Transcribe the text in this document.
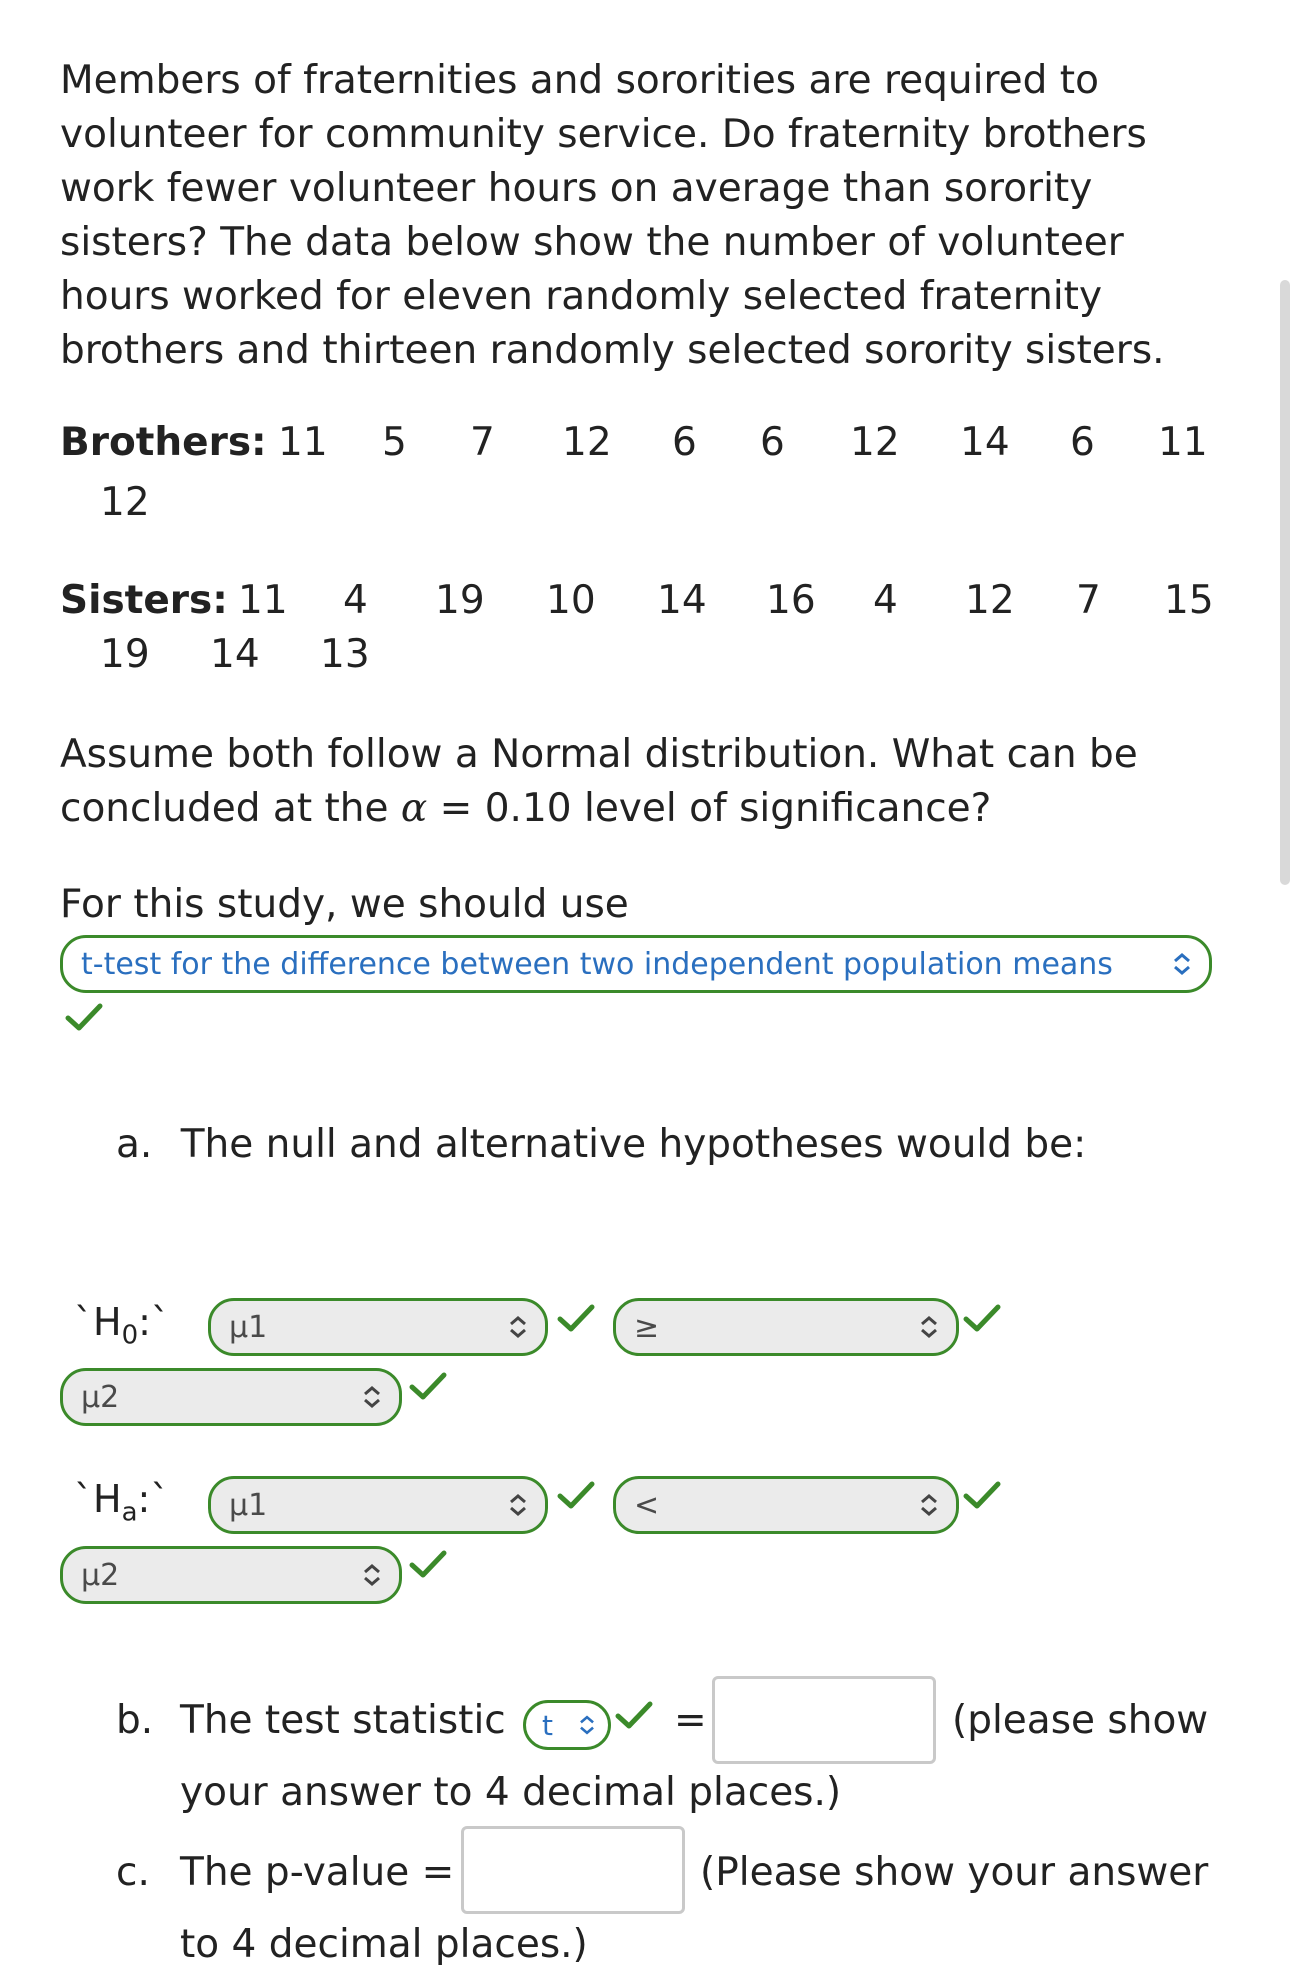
Members of fraternities and sororities are required to volunteer for community service. Do fraternity brothers work fewer volunteer hours on average than sorority sisters? The data below show the number of volunteer hours worked for eleven randomly selected fraternity brothers and thirteen randomly selected sorority sisters.
Brothers: 11 5 7 12 6 6 12 14 6 11
12
Sisters: 11 4 19 10 14 16 4 12 7 15
19 14 13
Assume both follow a Normal distribution. What can be
concluded at the α = 0.10 level of significance?
For this study, we should use
t-test for the difference between two independent population means
a. The null and alternative hypotheses would be:
$`H_0:`$ μ1	≥
μ2
$`H_a:`$ μ1	<
μ2
b. The test statistic t	=	(please show
your answer to 4 decimal places.)
c. The p-value =	(Please show your answer
to 4 decimal places.)
